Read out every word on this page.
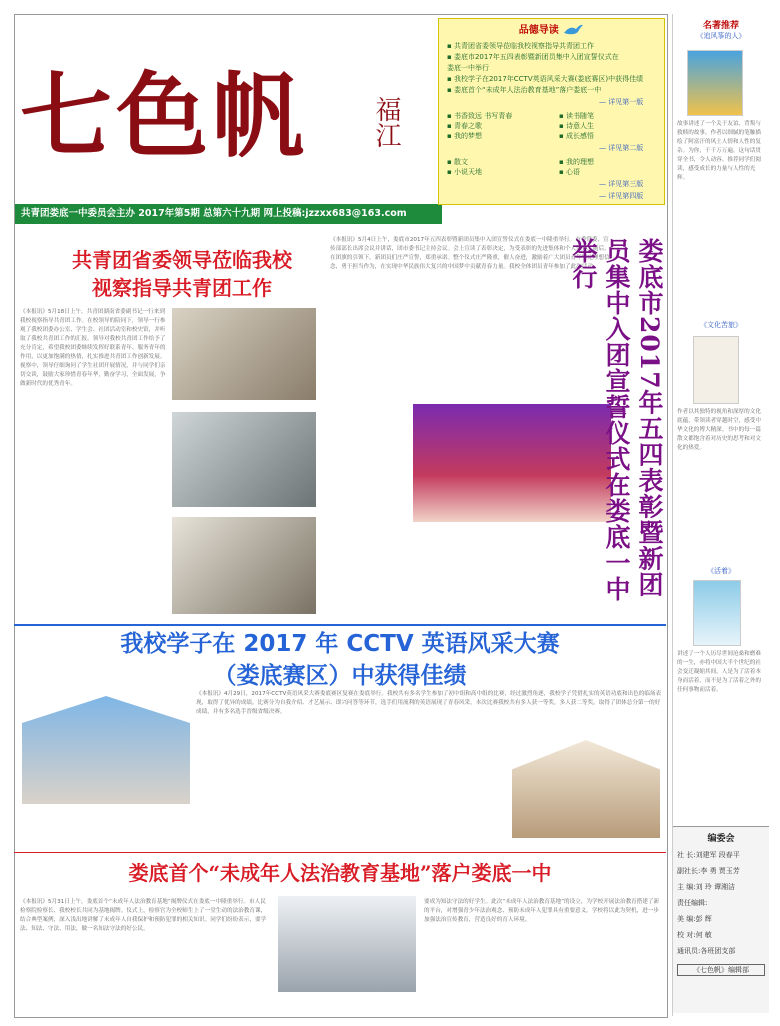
七色帆 福江
共青团娄底一中委员会主办 2017年第5期 总第六十九期 网上投稿:jzzxx683@163.com
品德导读
▪ 共青团省委领导莅临我校视察指导共青团工作
▪ 娄底市2017年五四表彰暨新团员集中入团宣誓仪式在
娄底一中举行
▪ 我校学子在2017年CCTV英语风采大赛(娄底赛区)中获得佳绩
▪ 娄底首个“未成年人法治教育基地”落户娄底一中
— 详见第一版
▪ 书香致远 书写青春
▪ 青春之歌
▪ 我的梦想
▪ 读书随笔
▪ 诗意人生
▪ 成长感悟
— 详见第二版
▪ 散文
▪ 小说天地
▪ 我的理想
▪ 心语
— 详见第三版
— 详见第四版
名著推荐
《追风筝的人》
故事讲述了一个关于友谊、背叛与救赎的故事，作者以细腻的笔触描绘了阿富汗的风土人情和人性的复杂。为你，千千万万遍。这句话贯穿全书，令人动容。推荐同学们阅读，感受成长的力量与人性的光辉。
《文化苦旅》
作者以其独特的视角和深厚的文化底蕴，带领读者穿越时空，感受中华文化的博大精深。书中的每一篇散文都饱含着对历史的思考和对文化的热爱。
《活着》
讲述了一个人历尽世间沧桑和磨难的一生，亦将中国大半个世纪的社会变迁凝缩其间。人是为了活着本身而活着，而不是为了活着之外的任何事物而活着。
编委会
社 长:刘建军 段春平
副社长:李 勇 贾玉芳
主 编:刘 玲 谭湘洁
责任编辑:
美 编:彭 辉
校 对:何 敏
通讯员:各班团支部
《七色帆》编辑部
共青团省委领导莅临我校
视察指导共青团工作
《本报讯》5月18日上午，共青团湖南省委副书记一行来到我校视察指导共青团工作。在校领导的陪同下，领导一行参观了我校团委办公室、学生会、社团活动室和校史馆，并听取了我校共青团工作的汇报。领导对我校共青团工作给予了充分肯定，希望我校团委继续发挥好联系青年、服务青年的作用，以更加饱满的热情，扎实推进共青团工作创新发展。视察中，领导仔细询问了学生社团开展情况，并与同学们亲切交谈，鼓励大家珍惜青春年华，勤奋学习，全面发展，争做新时代的优秀青年。
《本报讯》5月4日上午，娄底市2017年五四表彰暨新团员集中入团宣誓仪式在娄底一中隆重举行。市委常委、宣传部部长出席会议并讲话，团市委书记主持会议。会上宣读了表彰决定，为受表彰的先进集体和个人颁奖。随后，在团旗的引领下，新团员们庄严宣誓，郑重承诺。整个仪式庄严隆重，催人奋进，激励着广大团员青年坚定理想信念，勇于担当作为，在实现中华民族伟大复兴的中国梦中贡献青春力量。我校全体团员青年参加了此次活动。	娄底市2017年五四表彰暨新团员集中入团宣誓仪式在娄底一中举行
我校学子在 2017 年 CCTV 英语风采大赛
（娄底赛区）中获得佳绩
《本报讯》4月29日，2017年CCTV英语风采大赛娄底赛区复赛在娄底举行。我校共有多名学生参加了初中组和高中组的比赛，经过激烈角逐，我校学子凭借扎实的英语功底和出色的临场表现，取得了优异的成绩。比赛分为自我介绍、才艺展示、即兴问答等环节，选手们用流利的英语展现了青春风采。本次比赛我校共有多人获一等奖，多人获二等奖，取得了团体总分第一的好成绩，并有多名选手晋级省级决赛。
娄底首个“未成年人法治教育基地”落户娄底一中
《本报讯》5月31日上午，娄底首个“未成年人法治教育基地”揭牌仪式在娄底一中隆重举行。市人民检察院检察长、我校校长共同为基地揭牌。仪式上，检察官为全校师生上了一堂生动的法治教育课，结合典型案例，深入浅出地讲解了未成年人自我保护和预防犯罪的相关知识。同学们纷纷表示，要学法、知法、守法、用法，做一名知法守法的好公民。
要成为知法守法的好学生。此次“未成年人法治教育基地”的设立，为学校开展法治教育搭建了新的平台，对增强青少年法治观念、预防未成年人犯罪具有重要意义。学校将以此为契机，进一步加强法治宣传教育，营造良好的育人环境。
